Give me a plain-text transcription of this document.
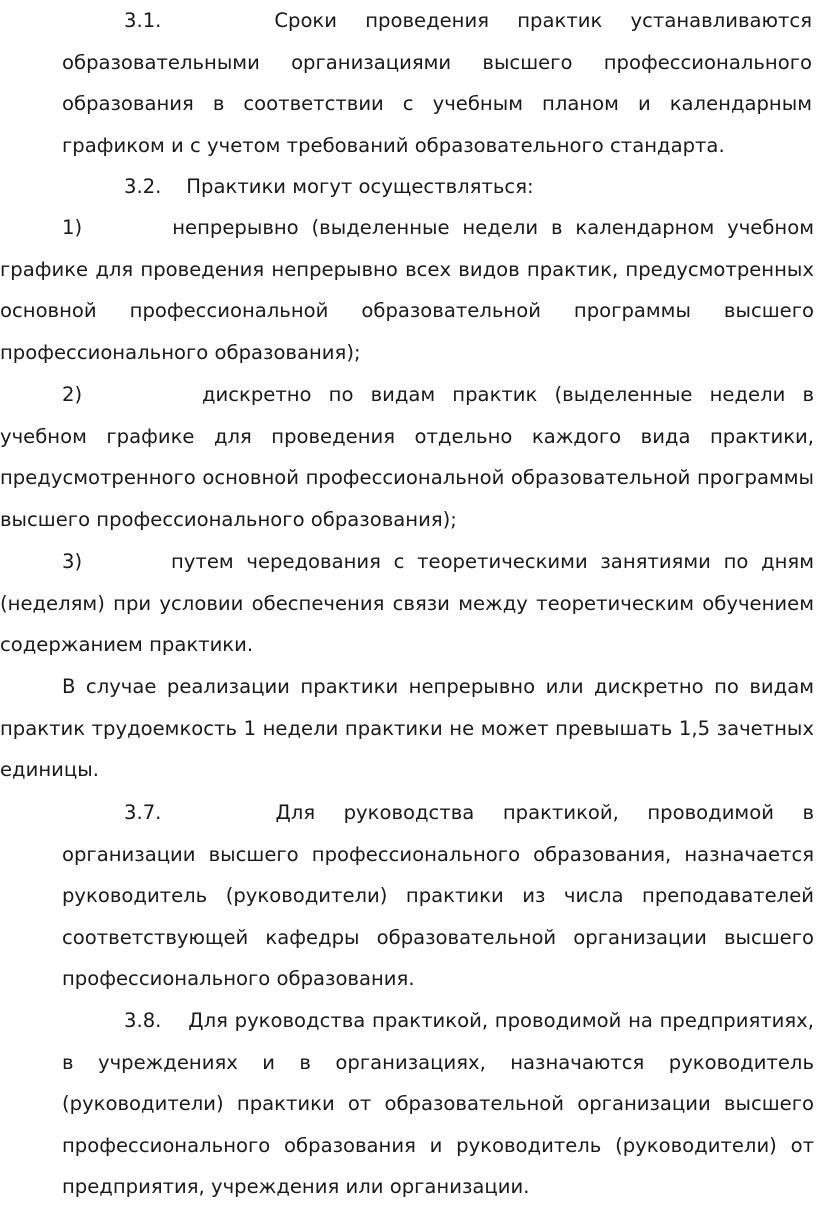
3.1.    Сроки проведения практик устанавливаются
образовательными организациями высшего профессионального
образования в соответствии с учебным планом и календарным
графиком и с учетом требований образовательного стандарта.
3.2.    Практики могут осуществляться:
1)       непрерывно (выделенные недели в календарном учебном
графике для проведения непрерывно всех видов практик, предусмотренных
основной профессиональной образовательной программы высшего
профессионального образования);
2)       дискретно по видам практик (выделенные недели в
учебном графике для проведения отдельно каждого вида практики,
предусмотренного основной профессиональной образовательной программы
высшего профессионального образования);
3)       путем чередования с теоретическими занятиями по дням
(неделям) при условии обеспечения связи между теоретическим обучением
содержанием практики.
В случае реализации практики непрерывно или дискретно по видам
практик трудоемкость 1 недели практики не может превышать 1,5 зачетных
единицы.
3.7.    Для руководства практикой, проводимой в
организации высшего профессионального образования, назначается
руководитель (руководители) практики из числа преподавателей
соответствующей кафедры образовательной организации высшего
профессионального образования.
3.8.    Для руководства практикой, проводимой на предприятиях,
в учреждениях и в организациях, назначаются руководитель
(руководители) практики от образовательной организации высшего
профессионального образования и руководитель (руководители) от
предприятия, учреждения или организации.
